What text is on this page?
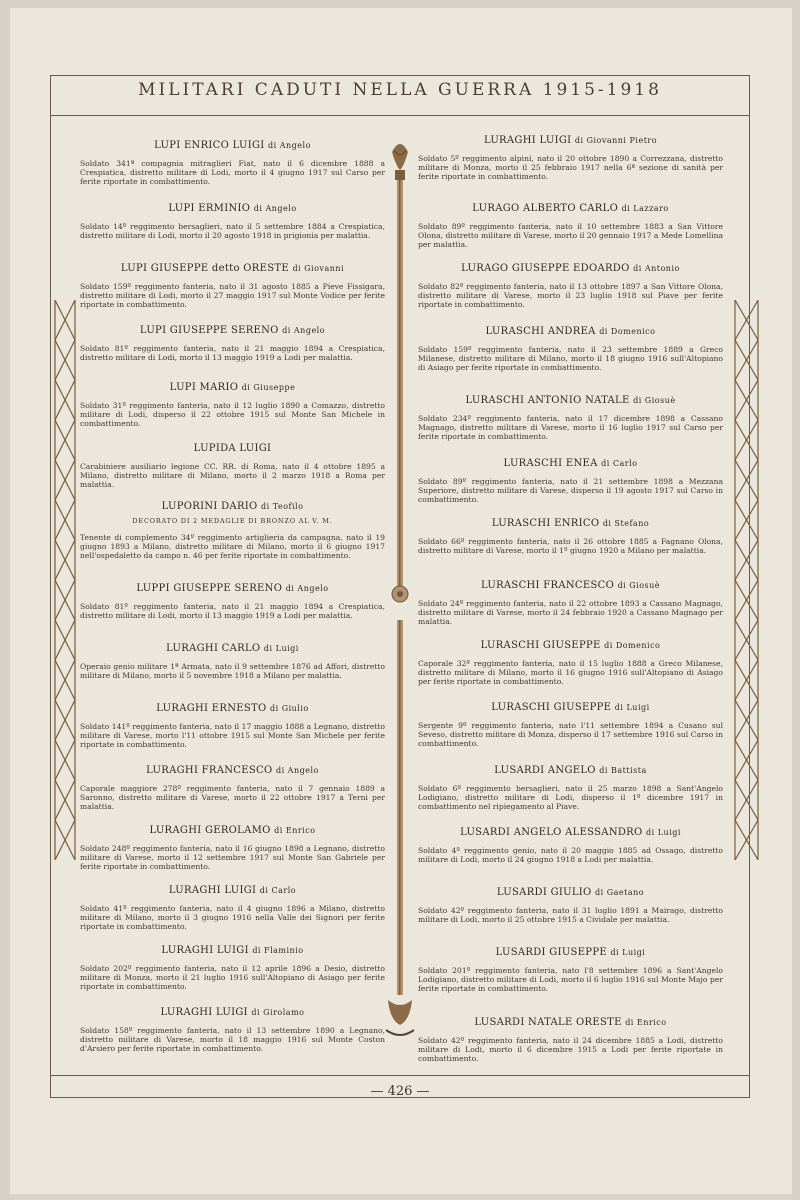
MILITARI CADUTI NELLA GUERRA 1915-1918
LUPI ENRICO LUIGI di Angelo
Soldato 341ª compagnia mitraglieri Fiat, nato il 6 dicembre 1888 a Crespiatica, distretto militare di Lodi, morto il 4 giugno 1917 sul Carso per ferite riportate in combattimento.
LUPI ERMINIO di Angelo
Soldato 14º reggimento bersaglieri, nato il 5 settembre 1884 a Crespiatica, distretto militare di Lodi, morto il 20 agosto 1918 in prigionia per malattia.
LUPI GIUSEPPE detto ORESTE di Giovanni
Soldato 159º reggimento fanteria, nato il 31 agosto 1885 a Pieve Fissigara, distretto militare di Lodi, morto il 27 maggio 1917 sul Monte Vodice per ferite riportate in combattimento.
LUPI GIUSEPPE SERENO di Angelo
Soldato 81º reggimento fanteria, nato il 21 maggio 1894 a Crespiatica, distretto militare di Lodi, morto il 13 maggio 1919 a Lodi per malattia.
LUPI MARIO di Giuseppe
Soldato 31º reggimento fanteria, nato il 12 luglio 1890 a Comazzo, distretto militare di Lodi, disperso il 22 ottobre 1915 sul Monte San Michele in combattimento.
LUPIDA LUIGI
Carabiniere ausiliario legione CC. RR. di Roma, nato il 4 ottobre 1895 a Milano, distretto militare di Milano, morto il 2 marzo 1918 a Roma per malattia.
LUPORINI DARIO di Teofilo
DECORATO DI 2 MEDAGLIE DI BRONZO AL V. M.
Tenente di complemento 34º reggimento artiglieria da campagna, nato il 19 giugno 1893 a Milano, distretto militare di Milano, morto il 6 giugno 1917 nell'ospedaletto da campo n. 46 per ferite riportate in combattimento.
LUPPI GIUSEPPE SERENO di Angelo
Soldato 81º reggimento fanteria, nato il 21 maggio 1894 a Crespiatica, distretto militare di Lodi, morto il 13 maggio 1919 a Lodi per malattia.
LURAGHI CARLO di Luigi
Operaio genio militare 1ª Armata, nato il 9 settembre 1876 ad Affori, distretto militare di Milano, morto il 5 novembre 1918 a Milano per malattia.
LURAGHI ERNESTO di Giulio
Soldato 141º reggimento fanteria, nato il 17 maggio 1888 a Legnano, distretto militare di Varese, morto l'11 ottobre 1915 sul Monte San Michele per ferite riportate in combattimento.
LURAGHI FRANCESCO di Angelo
Caporale maggiore 278º reggimento fanteria, nato il 7 gennaio 1889 a Saronno, distretto militare di Varese, morto il 22 ottobre 1917 a Terni per malattia.
LURAGHI GEROLAMO di Enrico
Soldato 248º reggimento fanteria, nato il 16 giugno 1898 a Legnano, distretto militare di Varese, morto il 12 settembre 1917 sul Monte San Gabriele per ferite riportate in combattimento.
LURAGHI LUIGI di Carlo
Soldato 41º reggimento fanteria, nato il 4 giugno 1896 a Milano, distretto militare di Milano, morto il 3 giugno 1916 nella Valle dei Signori per ferite riportate in combattimento.
LURAGHI LUIGI di Flaminio
Soldato 202º reggimento fanteria, nato il 12 aprile 1896 a Desio, distretto militare di Monza, morto il 21 luglio 1916 sull'Altopiano di Asiago per ferite riportate in combattimento.
LURAGHI LUIGI di Girolamo
Soldato 158º reggimento fanteria, nato il 13 settembre 1890 a Legnano, distretto militare di Varese, morto il 18 maggio 1916 sul Monte Coston d'Arsiero per ferite riportate in combattimento.
LURAGHI LUIGI di Giovanni Pietro
Soldato 5º reggimento alpini, nato il 20 ottobre 1890 a Correzzana, distretto militare di Monza, morto il 25 febbraio 1917 nella 6ª sezione di sanità per ferite riportate in combattimento.
LURAGO ALBERTO CARLO di Lazzaro
Soldato 89º reggimento fanteria, nato il 10 settembre 1883 a San Vittore Olona, distretto militare di Varese, morto il 20 gennaio 1917 a Mede Lomellina per malattia.
LURAGO GIUSEPPE EDOARDO di Antonio
Soldato 82º reggimento fanteria, nato il 13 ottobre 1897 a San Vittore Olona, distretto militare di Varese, morto il 23 luglio 1918 sul Piave per ferite riportate in combattimento.
LURASCHI ANDREA di Domenico
Soldato 159º reggimento fanteria, nato il 23 settembre 1889 a Greco Milanese, distretto militare di Milano, morto il 18 giugno 1916 sull'Altopiano di Asiago per ferite riportate in combattimento.
LURASCHI ANTONIO NATALE di Giosuè
Soldato 234º reggimento fanteria, nato il 17 dicembre 1898 a Cassano Magnago, distretto militare di Varese, morto il 16 luglio 1917 sul Carso per ferite riportate in combattimento.
LURASCHI ENEA di Carlo
Soldato 89º reggimento fanteria, nato il 21 settembre 1898 a Mezzana Superiore, distretto militare di Varese, disperso il 19 agosto 1917 sul Carso in combattimento.
LURASCHI ENRICO di Stefano
Soldato 66º reggimento fanteria, nato il 26 ottobre 1885 a Fagnano Olona, distretto militare di Varese, morto il 1º giugno 1920 a Milano per malattia.
LURASCHI FRANCESCO di Giosuè
Soldato 24º reggimento fanteria, nato il 22 ottobre 1893 a Cassano Magnago, distretto militare di Varese, morto il 24 febbraio 1920 a Cassano Magnago per malattia.
LURASCHI GIUSEPPE di Domenico
Caporale 32º reggimento fanteria, nato il 15 luglio 1888 a Greco Milanese, distretto militare di Milano, morto il 16 giugno 1916 sull'Altopiano di Asiago per ferite riportate in combattimento.
LURASCHI GIUSEPPE di Luigi
Sergente 9º reggimento fanteria, nato l'11 settembre 1894 a Cusano sul Seveso, distretto militare di Monza, disperso il 17 settembre 1916 sul Carso in combattimento.
LUSARDI ANGELO di Battista
Soldato 6º reggimento bersaglieri, nato il 25 marzo 1898 a Sant'Angelo Lodigiano, distretto militare di Lodi, disperso il 1º dicembre 1917 in combattimento nel ripiegamento al Piave.
LUSARDI ANGELO ALESSANDRO di Luigi
Soldato 4º reggimento genio, nato il 20 maggio 1885 ad Ossago, distretto militare di Lodi, morto il 24 giugno 1918 a Lodi per malattia.
LUSARDI GIULIO di Gaetano
Soldato 42º reggimento fanteria, nato il 31 luglio 1891 a Mairago, distretto militare di Lodi, morto il 25 ottobre 1915 a Cividale per malattia.
LUSARDI GIUSEPPE di Luigi
Soldato 201º reggimento fanteria, nato l'8 settembre 1896 a Sant'Angelo Lodigiano, distretto militare di Lodi, morto il 6 luglio 1916 sul Monte Majo per ferite riportate in combattimento.
LUSARDI NATALE ORESTE di Enrico
Soldato 42º reggimento fanteria, nato il 24 dicembre 1885 a Lodi, distretto militare di Lodi, morto il 6 dicembre 1915 a Lodi per ferite riportate in combattimento.
— 426 —
